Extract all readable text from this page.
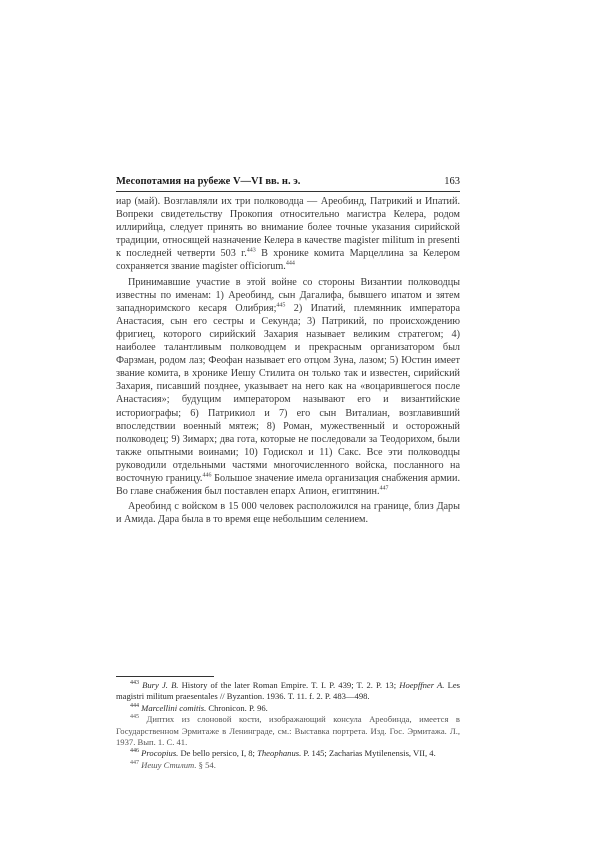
Месопотамия на рубеже V—VI вв. н. э.	163

иар (май). Возглавляли их три полководца — Ареобинд, Патрикий и Ипатий. Вопреки свидетельству Прокопия относительно магистра Келера, родом иллирийца, следует принять во внимание более точные указания сирийской традиции, относящей назначение Келера в качестве magister militum in presenti к последней четверти 503 г.$^{443}$ В хронике комита Марцеллина за Келером сохраняется звание magister officiorum.$^{444}$

Принимавшие участие в этой войне со стороны Византии полководцы известны по именам: 1) Ареобинд, сын Дагалифа, бывшего ипатом и зятем западноримского кесаря Олибрия;$^{445}$ 2) Ипатий, племянник императора Анастасия, сын его сестры и Секунда; 3) Патрикий, по происхождению фригиец, которого сирийский Захария называет великим стратегом; 4) наиболее талантливым полководцем и прекрасным организатором был Фарзман, родом лаз; Феофан называет его отцом Зуна, лазом; 5) Юстин имеет звание комита, в хронике Иешу Стилита он только так и известен, сирийский Захария, писавший позднее, указывает на него как на «воцарившегося после Анастасия»; будущим императором называют его и византийские историографы; 6) Патрикиол и 7) его сын Виталиан, возглавивший впоследствии военный мятеж; 8) Роман, мужественный и осторожный полководец; 9) Зимарх; два гота, которые не последовали за Теодорихом, были также опытными воинами; 10) Годискол и 11) Сакс. Все эти полководцы руководили отдельными частями многочисленного войска, посланного на восточную границу.$^{446}$ Большое значение имела организация снабжения армии. Во главе снабжения был поставлен епарх Апион, египтянин.$^{447}$

Ареобинд с войском в 15 000 человек расположился на границе, близ Дары и Амида. Дара была в то время еще небольшим селением.

$^{443}$ Bury J. B. History of the later Roman Empire. T. I. P. 439; T. 2. P. 13; Hoepffner A. Les magistri militum praesentales // Byzantion. 1936. T. 11. f. 2. P. 483—498.

$^{444}$ Marcellini comitis. Chronicon. P. 96.

$^{445}$ Диптих из слоновой кости, изображающий консула Ареобинда, имеется в Государственном Эрмитаже в Ленинграде, см.: Выставка портрета. Изд. Гос. Эрмитажа. Л., 1937. Вып. 1. С. 41.

$^{446}$ Procopius. De bello persico, I, 8; Theophanus. P. 145; Zacharias Mytilenensis, VII, 4.

$^{447}$ Иешу Стилит. § 54.
